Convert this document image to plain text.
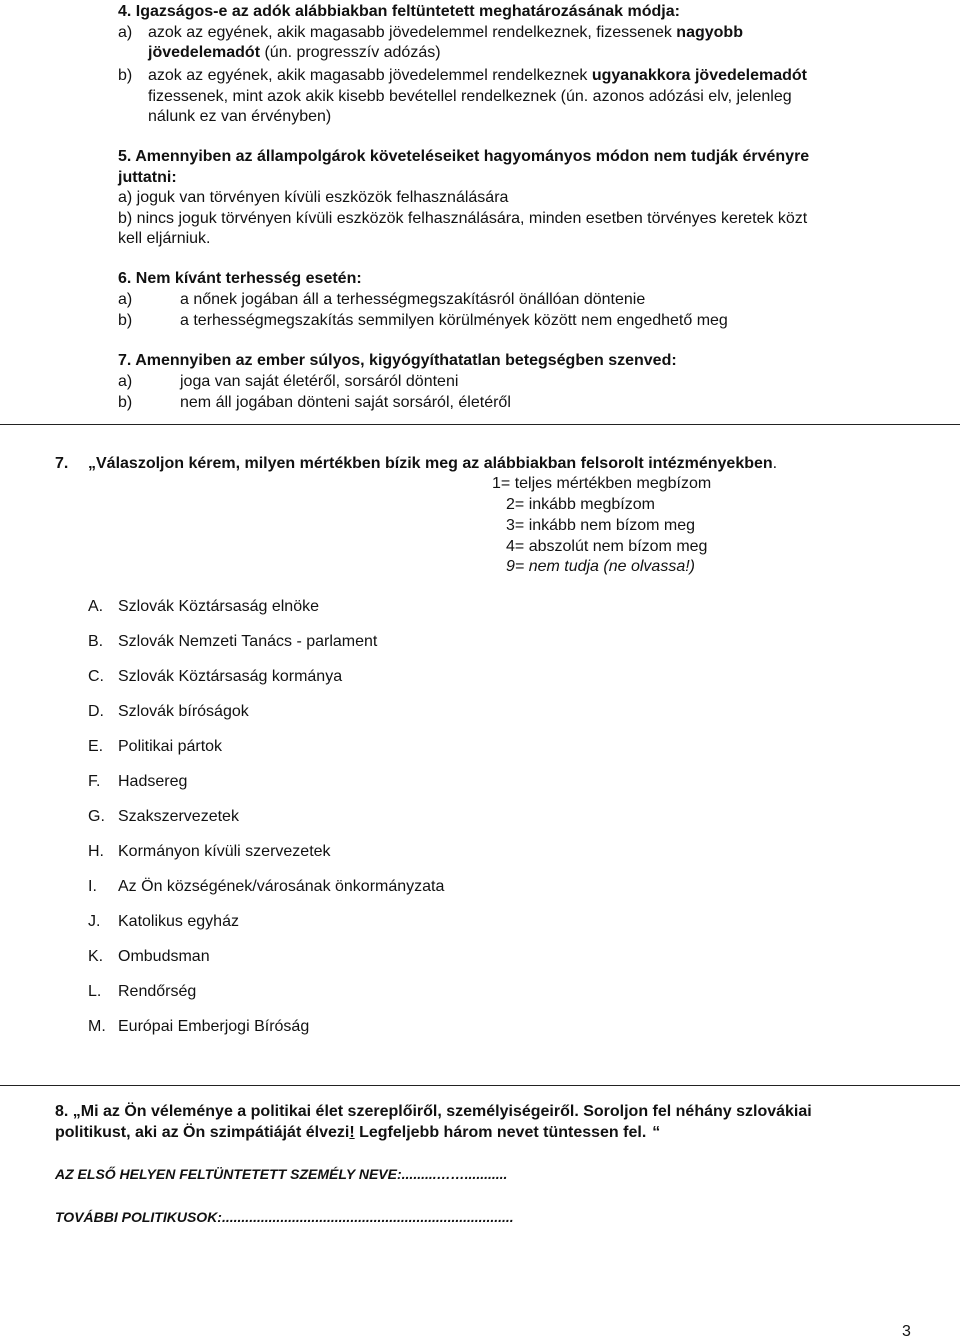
4. Igazságos-e az adók alábbiakban feltüntetett meghatározásának módja:
a) azok az egyének, akik magasabb jövedelemmel rendelkeznek, fizessenek nagyobb
jövedelemadót (ún. progresszív adózás)
b) azok az egyének, akik magasabb jövedelemmel rendelkeznek ugyanakkora jövedelemadót
fizessenek, mint azok akik kisebb bevétellel rendelkeznek (ún. azonos adózási elv, jelenleg
nálunk ez van érvényben)
5. Amennyiben az állampolgárok követeléseiket hagyományos módon nem tudják érvényre
juttatni:
a) joguk van törvényen kívüli eszközök felhasználására
b) nincs joguk törvényen kívüli eszközök felhasználására, minden esetben törvényes keretek közt
kell eljárniuk.
6. Nem kívánt terhesség esetén:
a)	a nőnek jogában áll a terhességmegszakításról önállóan döntenie
b)	a terhességmegszakítás semmilyen körülmények között nem engedhető meg
7. Amennyiben az ember súlyos, kigyógyíthatatlan betegségben szenved:
a)	joga van saját életéről, sorsáról dönteni
b)	nem áll jogában dönteni saját sorsáról, életéről
7. „Válaszoljon kérem, milyen mértékben bízik meg az alábbiakban felsorolt intézményekben.
1= teljes mértékben megbízom
2= inkább megbízom
3= inkább nem bízom meg
4= abszolút nem bízom meg
9= nem tudja (ne olvassa!)
A. Szlovák Köztársaság elnöke
B. Szlovák Nemzeti Tanács - parlament
C. Szlovák Köztársaság kormánya
D. Szlovák bíróságok
E. Politikai pártok
F. Hadsereg
G. Szakszervezetek
H. Kormányon kívüli szervezetek
I. Az Ön községének/városának önkormányzata
J. Katolikus egyház
K. Ombudsman
L. Rendőrség
M. Európai Emberjogi Bíróság
8. „Mi az Ön véleménye a politikai élet szereplőiről, személyiségeiről. Soroljon fel néhány szlovákiai
politikust, aki az Ön szimpátiáját élvezi! Legfeljebb három nevet tüntessen fel. “
AZ ELSŐ HELYEN FELTÜNTETETT SZEMÉLY NEVE:.........……...........
TOVÁBBI POLITIKUSOK:...........................................................................
3
